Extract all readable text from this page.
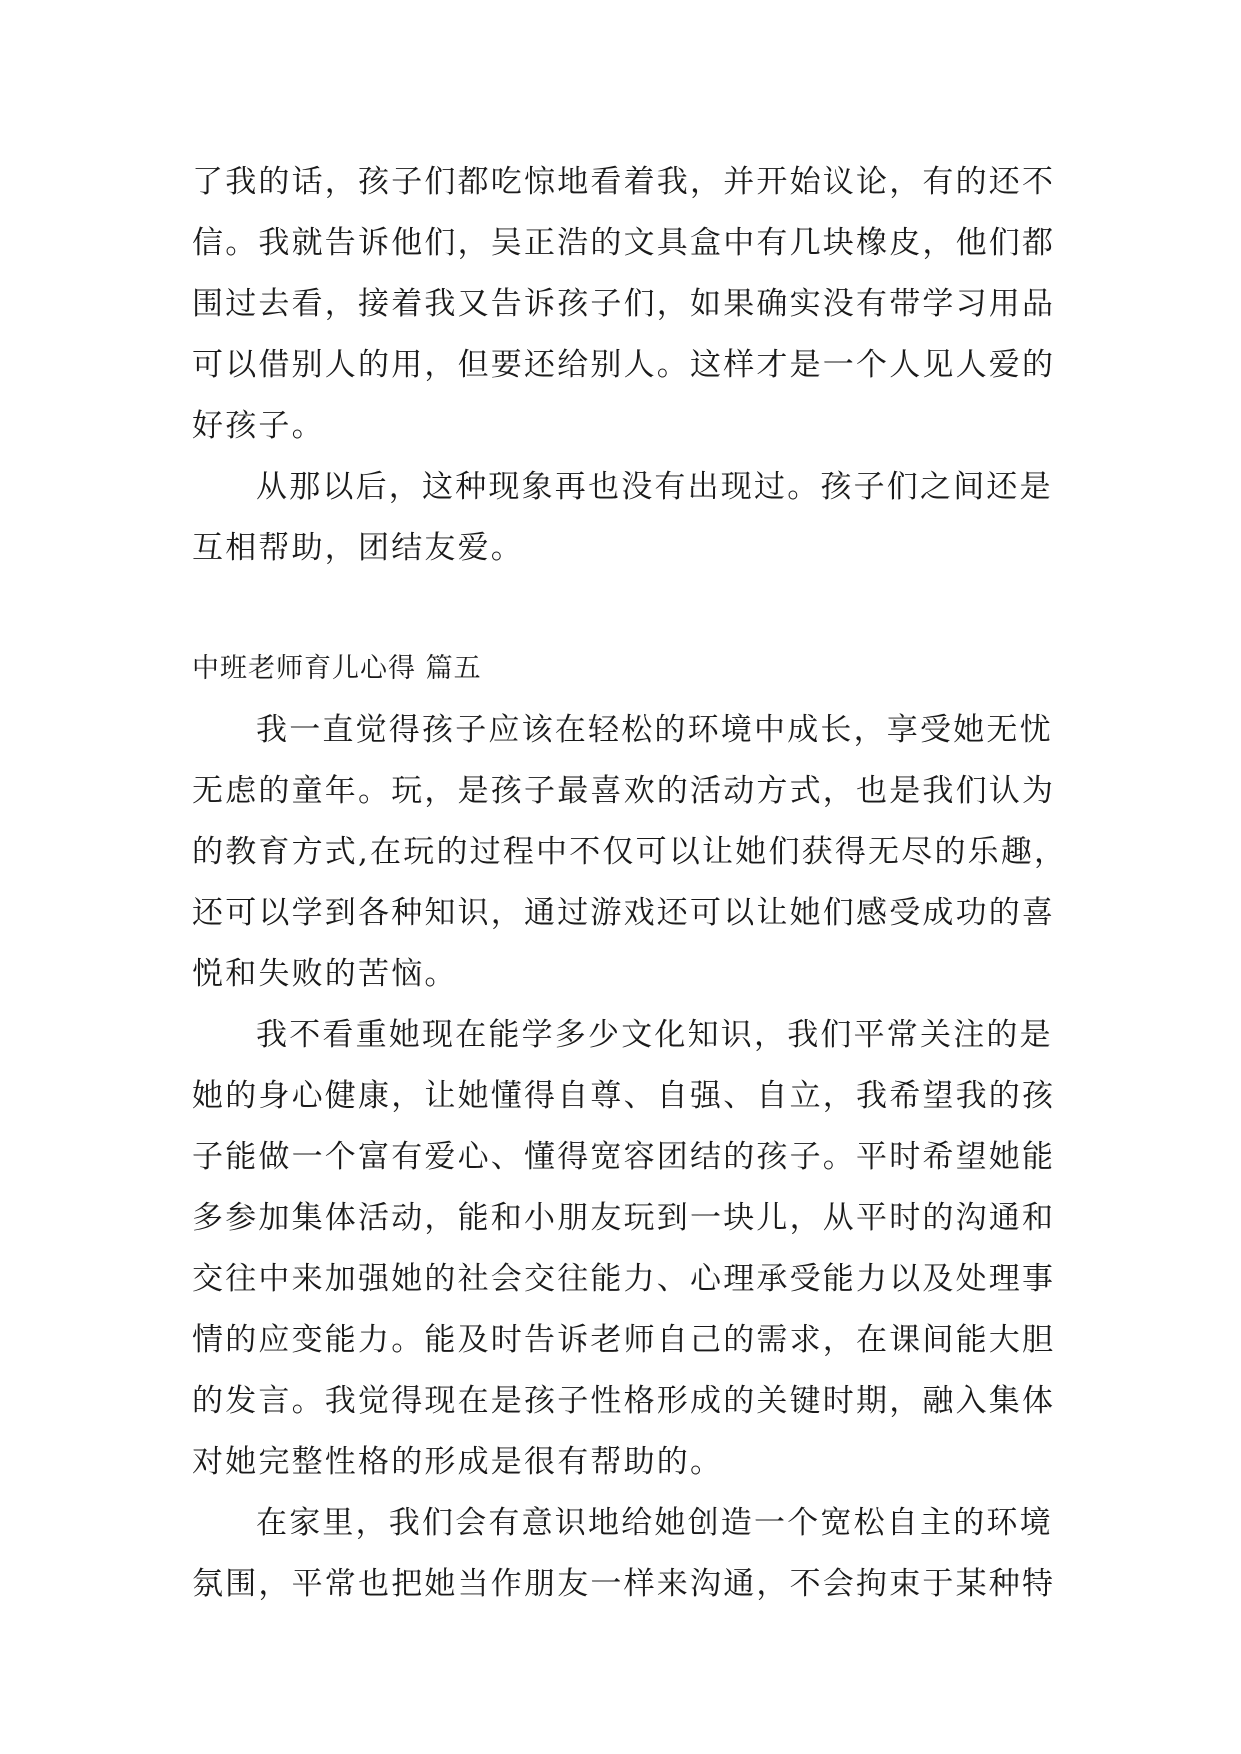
了我的话，孩子们都吃惊地看着我，并开始议论，有的还不
信。我就告诉他们，吴正浩的文具盒中有几块橡皮，他们都
围过去看，接着我又告诉孩子们，如果确实没有带学习用品
可以借别人的用，但要还给别人。这样才是一个人见人爱的
好孩子。
从那以后，这种现象再也没有出现过。孩子们之间还是
互相帮助，团结友爱。
中班老师育儿心得 篇五
我一直觉得孩子应该在轻松的环境中成长，享受她无忧
无虑的童年。玩，是孩子最喜欢的活动方式，也是我们认为
的教育方式,在玩的过程中不仅可以让她们获得无尽的乐趣，
还可以学到各种知识，通过游戏还可以让她们感受成功的喜
悦和失败的苦恼。
我不看重她现在能学多少文化知识，我们平常关注的是
她的身心健康，让她懂得自尊、自强、自立，我希望我的孩
子能做一个富有爱心、懂得宽容团结的孩子。平时希望她能
多参加集体活动，能和小朋友玩到一块儿，从平时的沟通和
交往中来加强她的社会交往能力、心理承受能力以及处理事
情的应变能力。能及时告诉老师自己的需求，在课间能大胆
的发言。我觉得现在是孩子性格形成的关键时期，融入集体
对她完整性格的形成是很有帮助的。
在家里，我们会有意识地给她创造一个宽松自主的环境
氛围，平常也把她当作朋友一样来沟通，不会拘束于某种特
